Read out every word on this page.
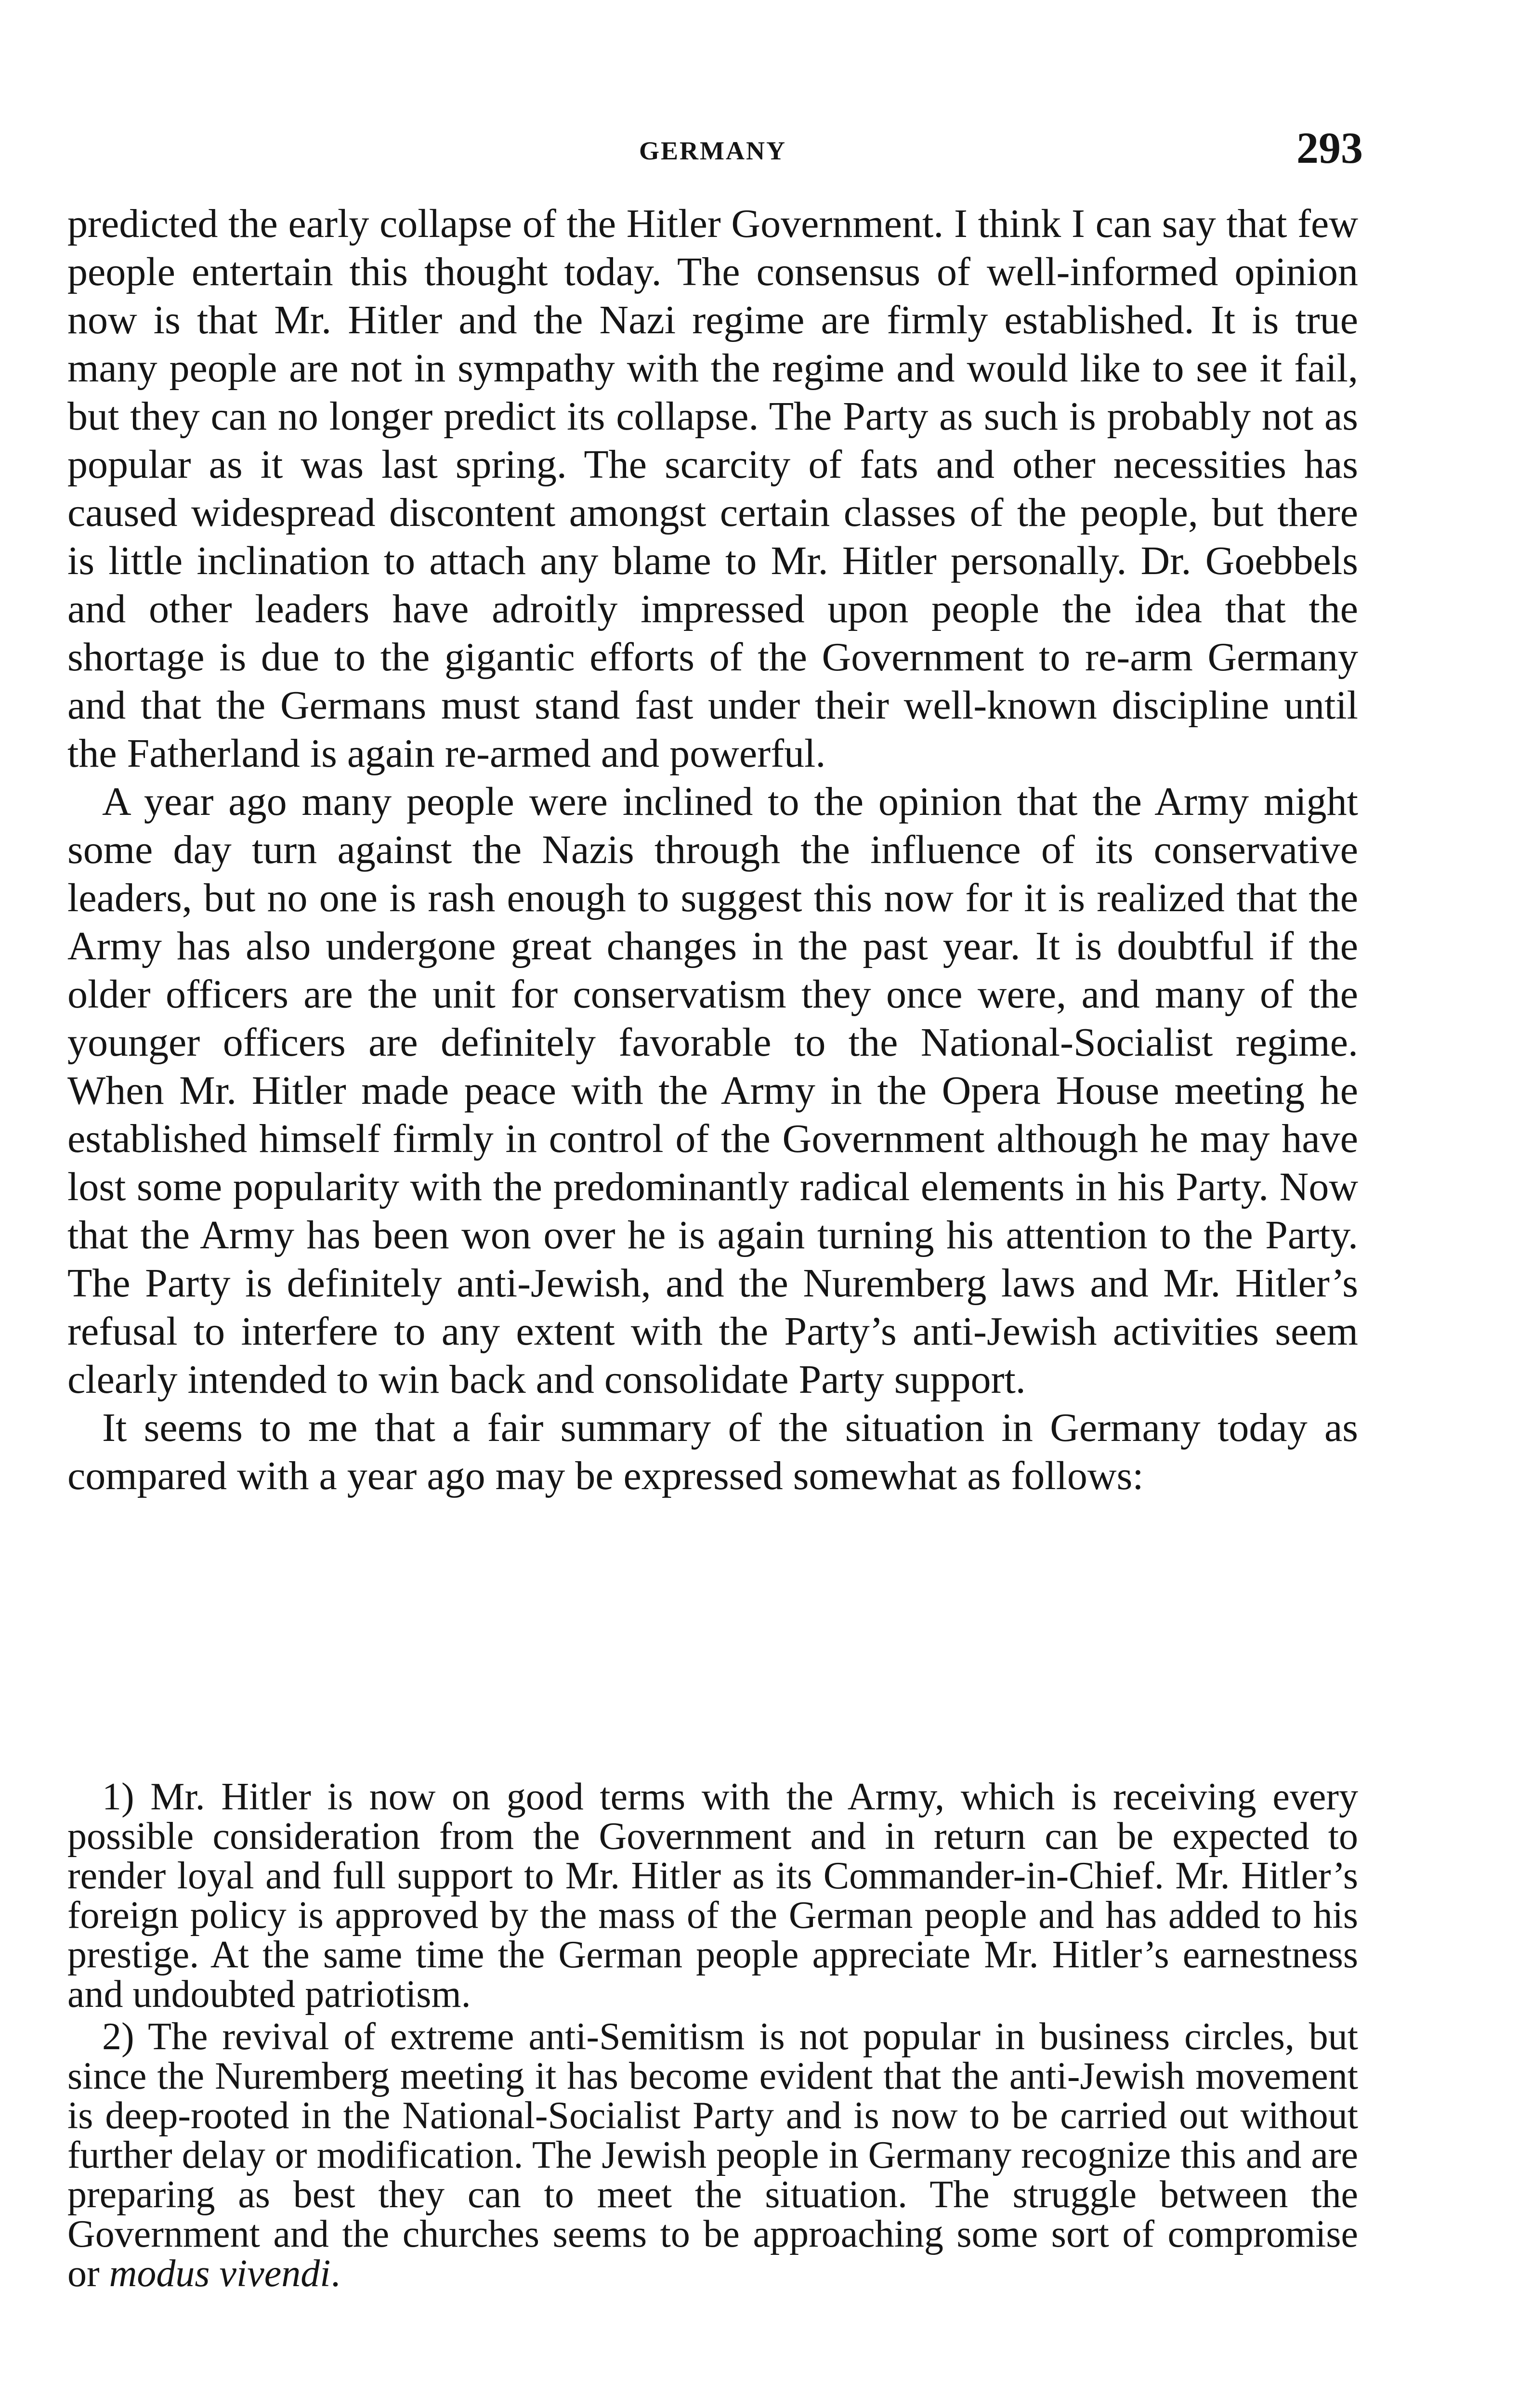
GERMANY	293

predicted the early collapse of the Hitler Government. I think I can say that few people entertain this thought today. The consensus of well-informed opinion now is that Mr. Hitler and the Nazi regime are firmly established. It is true many people are not in sympathy with the regime and would like to see it fail, but they can no longer predict its collapse. The Party as such is probably not as popular as it was last spring. The scarcity of fats and other necessities has caused widespread discontent amongst certain classes of the people, but there is little inclination to attach any blame to Mr. Hitler personally. Dr. Goebbels and other leaders have adroitly impressed upon people the idea that the shortage is due to the gigantic efforts of the Government to re-arm Germany and that the Germans must stand fast under their well-known discipline until the Fatherland is again re-armed and powerful.

A year ago many people were inclined to the opinion that the Army might some day turn against the Nazis through the influence of its conservative leaders, but no one is rash enough to suggest this now for it is realized that the Army has also undergone great changes in the past year. It is doubtful if the older officers are the unit for conservatism they once were, and many of the younger officers are definitely favorable to the National-Socialist regime. When Mr. Hitler made peace with the Army in the Opera House meeting he established himself firmly in control of the Government although he may have lost some popularity with the predominantly radical elements in his Party. Now that the Army has been won over he is again turning his attention to the Party. The Party is definitely anti-Jewish, and the Nuremberg laws and Mr. Hitler’s refusal to interfere to any extent with the Party’s anti-Jewish activities seem clearly intended to win back and consolidate Party support.

It seems to me that a fair summary of the situation in Germany today as compared with a year ago may be expressed somewhat as follows:

1) Mr. Hitler is now on good terms with the Army, which is receiving every possible consideration from the Government and in return can be expected to render loyal and full support to Mr. Hitler as its Commander-in-Chief. Mr. Hitler’s foreign policy is approved by the mass of the German people and has added to his prestige. At the same time the German people appreciate Mr. Hitler’s earnestness and undoubted patriotism.

2) The revival of extreme anti-Semitism is not popular in business circles, but since the Nuremberg meeting it has become evident that the anti-Jewish movement is deep-rooted in the National-Socialist Party and is now to be carried out without further delay or modification. The Jewish people in Germany recognize this and are preparing as best they can to meet the situation. The struggle between the Government and the churches seems to be approaching some sort of compromise or modus vivendi.
